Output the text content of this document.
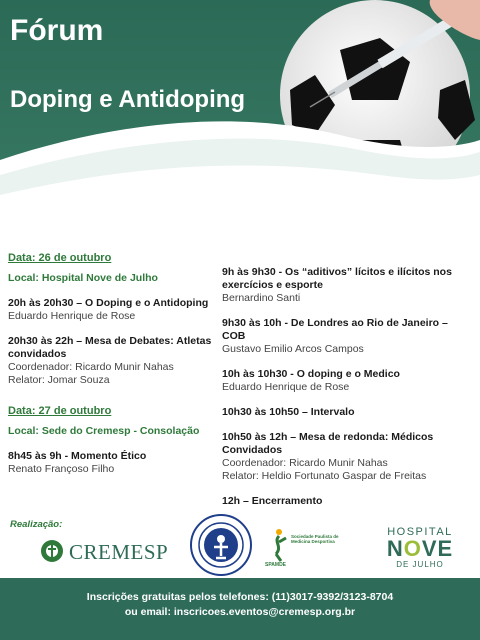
Fórum
Doping e Antidoping
Data: 26 de outubro
Local: Hospital Nove de Julho
20h às 20h30 – O Doping e o Antidoping
Eduardo Henrique de Rose
20h30 às 22h – Mesa de Debates: Atletas convidados
Coordenador: Ricardo Munir Nahas
Relator: Jomar Souza
Data: 27 de outubro
Local: Sede do Cremesp - Consolação
8h45 às 9h - Momento Ético
Renato Françoso Filho
9h às 9h30 - Os “aditivos” lícitos e ilícitos nos exercícios e esporte
Bernardino Santi
9h30 às 10h - De Londres ao Rio de Janeiro – COB
Gustavo Emilio Arcos Campos
10h às 10h30 - O doping e o Medico
Eduardo Henrique de Rose
10h30 às 10h50 – Intervalo
10h50 às 12h – Mesa de redonda: Médicos Convidados
Coordenador: Ricardo Munir Nahas
Relator: Heldio Fortunato Gaspar de Freitas
12h – Encerramento
Realização:
CREMESP
Sociedade Paulista de Medicina Desportiva
SPAMDE
HOSPITAL
NOVE
DE JULHO
Inscrições gratuitas pelos telefones: (11)3017-9392/3123-8704
ou email: inscricoes.eventos@cremesp.org.br
